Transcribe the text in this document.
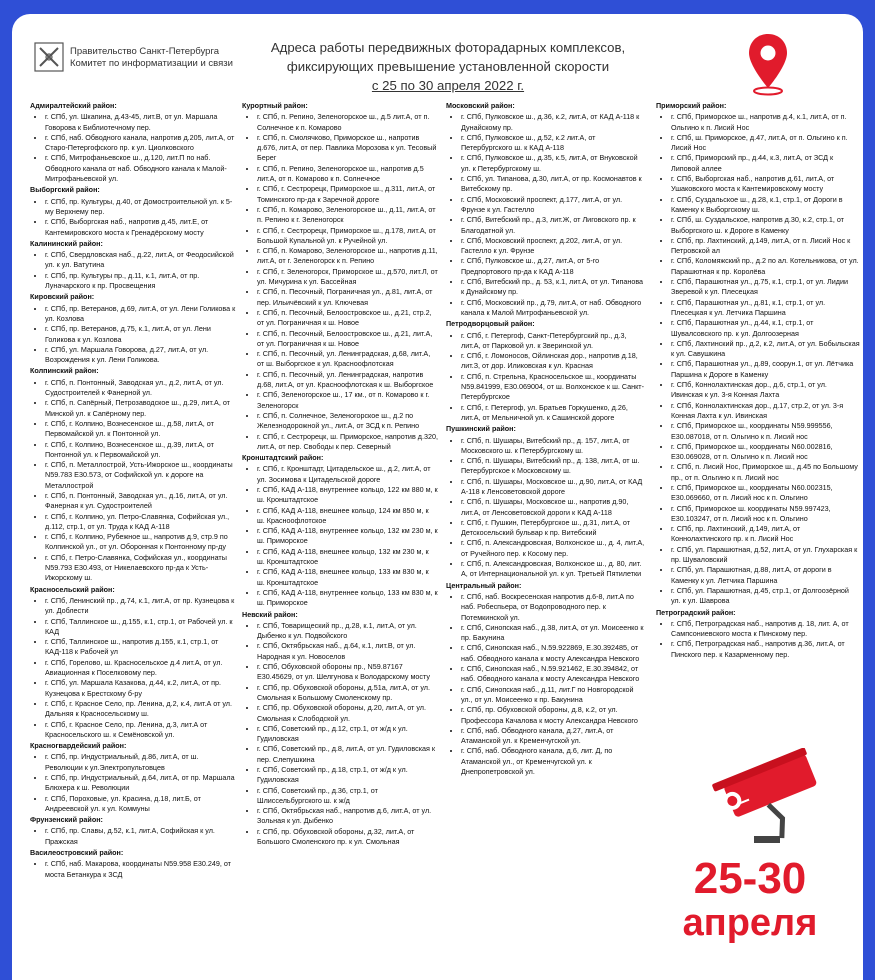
Правительство Санкт-Петербурга
Комитет по информатизации и связи
Адреса работы передвижных фоторадарных комплексов,
фиксирующих превышение установленной скорости
с 25 по 30 апреля 2022 г.
Адмиралтейский район:
• г. СПб, ул. Шкапина, д.43-45, лит.В, от ул. Маршала Говорова к Библиотечному пер.
• г. СПб, наб. Обводного канала, напротив д.205, лит.А, от Старо-Петергофского пр. к ул. Циолковского
• г. СПб, Митрофаньевское ш., д.120, лит.П по наб. Обводного канала от наб. Обводного канала к Малой-Митрофаньевской ул.
Выборгский район:
• г. СПб, пр. Культуры, д.40, от Домостроительной ул. к 5-му Верхнему пер.
• г. СПб, Выборгская наб., напротив д.45, лит.Е, от Кантемировского моста к Гренадёрскому мосту
Калининский район:
• г. СПб, Свердловская наб., д.22, лит.А, от Феодосийской ул. к ул. Ватутина
• г. СПб, пр. Культуры пр., д.11, к.1, лит.А, от пр. Луначарского к пр. Просвещения
Кировский район:
• г. СПб, пр. Ветеранов, д.69, лит.А, от ул. Лени Голикова к ул. Козлова
• г. СПб, пр. Ветеранов, д.75, к.1, лит.А, от ул. Лени Голикова к ул. Козлова
• г. СПб, ул. Маршала Говорова, д.27, лит.А, от ул. Возрождения к ул. Лени Голикова.
Колпинский район:
• г. СПб, п. Понтонный, Заводская ул., д.2, лит.А, от ул. Судостроителей к Фанерной ул.
• г. СПб, п. Сапёрный, Петрозаводское ш., д.29, лит.А, от Минской ул. к Сапёрному пер.
• г. СПб, г. Колпино, Вознесенское ш., д.58, лит.А, от Первомайской ул. к Понтонной ул.
• г. СПб, г. Колпино, Вознесенское ш., д.39, лит.А, от Понтонной ул. к Первомайской ул.
• г. СПб, п. Металлострой, Усть-Ижорское ш., координаты N59.783 E30.573, от Софийской ул. к дороге на Металлострой
• г. СПб, п. Понтонный, Заводская ул., д.16, лит.А, от ул. Фанерная к ул. Судостроителей
• г. СПб, г. Колпино, ул. Петро-Славянка, Софийская ул., д.112, стр.1, от ул. Труда к КАД А-118
• г. СПб, г. Колпино, Рубежное ш., напротив д.9, стр.9 по Колпинской ул., от ул. Оборонная к Понтонному пр-ду
• г. СПб, г. Петро-Славянка, Софийская ул., координаты N59.793 E30.493, от Никелаевского пр-да к Усть-Ижорскому ш.
Красносельский район:
• г. СПб, Ленинский пр., д.74, к.1, лит.А, от пр. Кузнецова к ул. Доблести
• г. СПб, Таллинское ш., д.155, к.1, стр.1, от Рабочей ул. к КАД
• г. СПб, Таллинское ш., напротив д.155, к.1, стр.1, от КАД-118 к Рабочей ул
• г. СПб, Горелово, ш. Красносельское д.4 лит.А, от ул. Авиационная к Поселковому пер.
• г. СПб, ул. Маршала Казакова, д.44, к.2, лит.А, от пр. Кузнецова к Брестскому б-ру
• г. СПб, г. Красное Село, пр. Ленина, д.2, к.4, лит.А от ул. Дальняя к Красносельскому ш.
• г. СПб, г. Красное Село, пр. Ленина, д.3, лит.А от Красносельского ш. к Семёновской ул.
Красногвардейский район:
• г. СПб, пр. Индустриальный, д.86, лит.А, от ш. Революции к ул.Электропультовцев
• г. СПб, пр. Индустриальный, д.64, лит.А, от пр. Маршала Блюхера к ш. Революции
• г. СПб, Пороховые, ул. Красина, д.18, лит.Б, от Андреевской ул. к ул. Коммуны
Фрунзенский район:
• г. СПб, пр. Славы, д.52, к.1, лит.А, Софийская к ул. Пражская
Василеостровский район:
• г. СПб, наб. Макарова, координаты N59.958 E30.249, от моста Бетанкура к ЗСД
Курортный район:
• г. СПб, п. Репино, Зеленогорское ш., д.5 лит.А, от п. Солнечное к п. Комарово
• г. СПб, п. Смолячково, Приморское ш., напротив д.676, лит.А, от пер. Павлика Морозова к ул. Тесовый Берег
• г. СПб, п. Репино, Зеленогорское ш., напротив д.5 лит.А, от п. Комарово к п. Солнечное
• г. СПб, г. Сестрорецк, Приморское ш., д.311, лит.А, от Томинского пр-да к Заречной дороге
• г. СПб, п. Комарово, Зеленогорское ш., д.11, лит.А, от п. Репино к г. Зеленогорск
• г. СПб, г. Сестрорецк, Приморское ш., д.178, лит.А, от Большой Купальной ул. к Ручейной ул.
• г. СПб, п. Комарово, Зеленогорское ш., напротив д.11, лит.А, от г. Зеленогорск к п. Репино
• г. СПб, г. Зеленогорск, Приморское ш., д.570, лит.Л, от ул. Мичурина к ул. Бассейная
• г. СПб, п. Песочный, Пограничная ул., д.81, лит.А, от пер. Ильичёвский к ул. Ключевая
• г. СПб, п. Песочный, Белоостровское ш., д.21, стр.2, от ул. Пограничная к ш. Новое
• г. СПб, п. Песочный, Белоостровское ш., д.21, лит.А, от ул. Пограничная к ш. Новое
• г. СПб, п. Песочный, ул. Ленинградская, д.68, лит.А, от ш. Выборгское к ул. Красноофлотская
• г. СПб, п. Песочный, ул. Ленинградская, напротив д.68, лит.А, от ул. Красноофлотская к ш. Выборгское
• г. СПб, Зеленогорское ш., 17 км., от п. Комарово к г. Зеленогорск
• г. СПб, п. Солнечное, Зеленогорское ш., д.2 по Железнодорожной ул., лит.А, от ЗСД к п. Репино
• г. СПб, г. Сестрорецк, ш. Приморское, напротив д.320, лит.А, от пер. Свободы к пер. Северный
Кронштадтский район:
• г. СПб, г. Кронштадт, Цитадельское ш., д.2, лит.А, от ул. Зосимова к Цитадельской дороге
• г. СПб, КАД А-118, внутреннее кольцо, 122 км 880 м, к ш. Кронштадтское
• г. СПб, КАД А-118, внешнее кольцо, 124 км 850 м, к ш. Красноофлотское
• г. СПб, КАД А-118, внутреннее кольцо, 132 км 230 м, к ш. Приморское
• г. СПб, КАД А-118, внешнее кольцо, 132 км 230 м, к ш. Кронштадтское
• г. СПб, КАД А-118, внешнее кольцо, 133 км 830 м, к ш. Кронштадтское
• г. СПб, КАД А-118, внутреннее кольцо, 133 км 830 м, к ш. Приморское
Невский район:
• г. СПб, Товарищеский пр., д.28, к.1, лит.А, от ул. Дыбенко к ул. Подвойского
• г. СПб, Октябрьская наб., д.64, к.1, лит.В, от ул. Народная к ул. Новоселов
• г. СПб, Обуховской обороны пр., N59.87167 E30.45629, от ул. Шелгунова к Володарскому мосту
• г. СПб, пр. Обуховской обороны, д.51а, лит.А, от ул. Смольная к Большому Смоленскому пр.
• г. СПб, пр. Обуховской обороны, д.20, лит.А, от ул. Смольная к Слободской ул.
• г. СПб, Советский пр., д.12, стр.1, от ж/д к ул. Гудиловская
• г. СПб, Советский пр., д.8, лит.А, от ул. Гудиловская к пер. Слепушкина
• г. СПб, Советский пр., д.18, стр.1, от ж/д к ул. Гудиловская
• г. СПб, Советский пр., д.36, стр.1, от Шлиссельбургского ш. к ж/д
• г. СПб, Октябрьская наб., напротив д.6, лит.А, от ул. Зольная к ул. Дыбенко
• г. СПб, пр. Обуховской обороны, д.32, лит.А, от Большого Смоленского пр. к ул. Смольная
Московский район:
• г. СПб, Пулковское ш., д.36, к.2, лит.А, от КАД А-118 к Дунайскому пр.
• г. СПб, Пулковское ш., д.52, к.2 лит.А, от Петербургского ш. к КАД А-118
• г. СПб, Пулковское ш., д.35, к.5, лит.А, от Внуковской ул. к Петербургскому ш.
• г. СПб, ул. Типанова, д.30, лит.А, от пр. Космонавтов к Витебскому пр.
• г. СПб, Московский проспект, д.177, лит.А, от ул. Фрунзе к ул. Гастелло
• г. СПб, Витебский пр., д.3, лит.Ж, от Лиговского пр. к Благодатной ул.
• г. СПб, Московский проспект, д.202, лит.А, от ул. Гастелло к ул. Фрунзе
• г. СПб, Пулковское ш., д.27, лит.А, от 5-го Предпортового пр-да к КАД А-118
• г. СПб, Витебский пр., д. 53, к.1, лит.А, от ул. Типанова к Дунайскому пр.
• г. СПб, Московский пр., д.79, лит.А, от наб. Обводного канала к Малой Митрофаньевской ул.
Петродворцовый район:
• г. СПб, г. Петергоф, Санкт-Петербургский пр., д.3, лит.А, от Парковой ул. к Зверинской ул.
• г. СПб, г. Ломоносов, Ойлинская дор., напротив д.18, лит.З, от дор. Иликовская к ул. Красная
• г. СПб, п. Стрельна, Красносельское ш., координаты N59.841999, E30.069004, от ш. Волхонское к ш. Санкт-Петербургское
• г. СПб, г. Петергоф, ул. Братьев Горкушенко, д.26, лит.А, от Мельничной ул. к Сашинской дороге
Пушкинский район:
• г. СПб, п. Шушары, Витебский пр., д. 157, лит.А, от Московского ш. к Петербургскому ш.
• г. СПб, п. Шушары, Витебский пр., д. 138, лит.А, от ш. Петербургское к Московскому ш.
• г. СПб, п. Шушары, Московское ш., д.90, лит.А, от КАД А-118 к Ленсоветовской дороге
• г. СПб, п. Шушары, Московское ш., напротив д.90, лит.А, от Ленсоветовской дороги к КАД А-118
• г. СПб, г. Пушкин, Петербургское ш., д.31, лит.А, от Детскосельский бульвар к пр. Витебский
• г. СПб, п. Александровская, Волхонское ш., д. 4, лит.А, от Ручейного пер. к Косому пер.
• г. СПб, п. Александровская, Волхонское ш., д. 80, лит. А, от Интернациональной ул. к ул. Третьей Пятилетки
Центральный район:
• г. СПб, наб. Воскресенская напротив д.6-8, лит.А по наб. Робеспьера, от Водопроводного пер. к Потемкинской ул.
• г. СПб, Синопская наб., д.38, лит.А, от ул. Моисеенко к пр. Бакунина
• г. СПб, Синопская наб., N.59.922869, E.30.392485, от наб. Обводного канала к мосту Александра Невского
• г. СПб, Синопская наб., N.59.921462, E.30.394842, от наб. Обводного канала к мосту Александра Невского
• г. СПб, Синопская наб., д.11, лит.Г по Новгородской ул., от ул. Моисеенко к пр. Бакунина
• г. СПб, пр. Обуховской обороны, д.8, к.2, от ул. Профессора Качалова к мосту Александра Невского
• г. СПб, наб. Обводного канала, д.27, лит.А, от Атаманской ул. к Кременчугской ул.
• г. СПб, наб. Обводного канала, д.6, лит. Д, по Атаманской ул., от Кременчугской ул. к Днепропетровской ул.
Приморский район:
• г. СПб, Приморское ш., напротив д.4, к.1, лит.А, от п. Ольгино к п. Лисий Нос
• г. СПб, ш. Приморское, д.47, лит.А, от п. Ольгино к п. Лисий Нос
• г. СПб, Приморский пр., д.44, к.3, лит.А, от ЗСД к Липовой аллее
• г. СПб, Выборгская наб., напротив д.61, лит.А, от Ушаковского моста к Кантемировскому мосту
• г. СПб, Суздальское ш., д.28, к.1, стр.1, от Дороги в Каменку к Выборгскому ш.
• г. СПб, ш. Суздальское, напротив д.30, к.2, стр.1, от Выборгского ш. к Дороге в Каменку
• г. СПб, пр. Лахтинский, д.149, лит.А, от п. Лисий Нос к Петровской ал
• г. СПб, Коломяжский пр., д.2 по ал. Котельникова, от ул. Парашютная к пр. Королёва
• г. СПб, Парашютная ул., д.75, к.1, стр.1, от ул. Лидии Зверевой к ул. Плесецкая
• г. СПб, Парашютная ул., д.81, к.1, стр.1, от ул. Плесецкая к ул. Летчика Паршина
• г. СПб, Парашютная ул., д.44, к.1, стр.1, от Шувалсовского пр. к ул. Долгоозерная
• г. СПб, Лахтинский пр., д.2, к.2, лит.А, от ул. Бобыльская к ул. Савушкина
• г. СПб, Парашютная ул., д.89, соорун.1, от ул. Лётчика Паршина к Дороге в Каменку
• г. СПб, Коннолахтинская дор., д.6, стр.1, от ул. Ивинская к ул. 3-я Конная Лахта
• г. СПб, Коннолахтинская дор., д.17, стр.2, от ул. 3-я Конная Лахта к ул. Ивинская
• г. СПб, Приморское ш., координаты N59.999556, E30.087018, от п. Ольгино к п. Лисий нос
• г. СПб, Приморское ш., координаты N60.002816, E30.069028, от п. Ольгино к п. Лисий нос
• г. СПб, п. Лисий Нос, Приморское ш., д.45 по Большому пр., от п. Ольгино к п. Лисий нос
• г. СПб, Приморское ш., координаты N60.002315, E30.069660, от п. Лисий нос к п. Ольгино
• г. СПб, Приморское ш. координаты N59.997423, E30.103247, от п. Лисий нос к п. Ольгино
• г. СПб, пр. Лахтинский, д.149, лит.А, от Коннолахтинского пр. к п. Лисий Нос
• г. СПб, ул. Парашютная, д.52, лит.А, от ул. Глухарская к пр. Шуваловский
• г. СПб, ул. Парашютная, д.88, лит.А, от дороги в Каменку к ул. Летчика Паршина
• г. СПб, ул. Парашютная, д.45, стр.1, от Долгоозёрной ул. к ул. Шаврова
Петроградский район:
• г. СПб, Петроградская наб., напротив д. 18, лит. А, от Сампсониевского моста к Пинскому пер.
• г. СПб, Петроградская наб., напротив д.36, лит.А, от Пинского пер. к Казарменному пер.
25-30
апреля
